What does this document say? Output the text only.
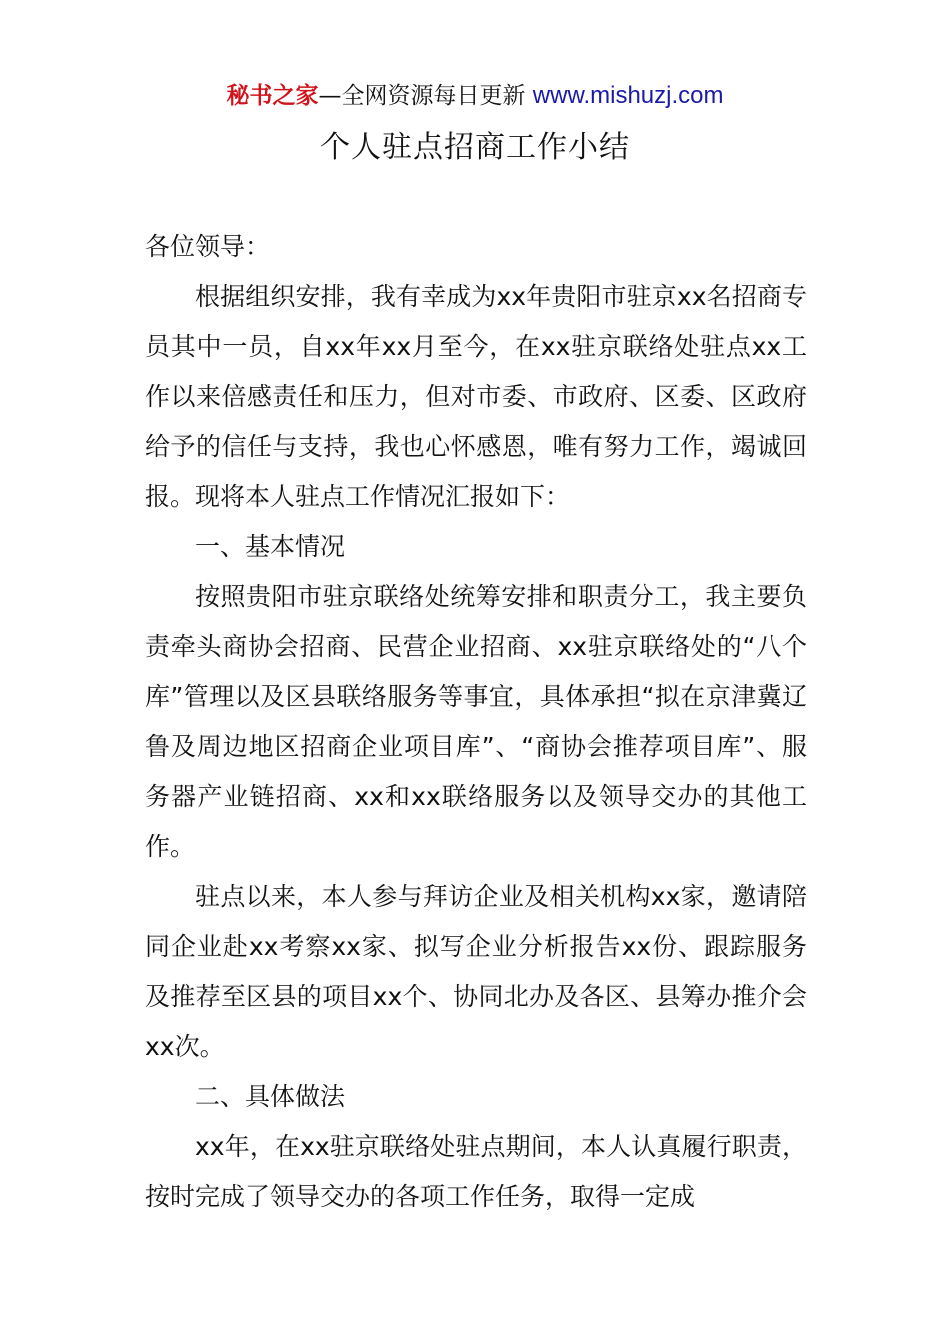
秘书之家—全网资源每日更新 www.mishuzj.com
个人驻点招商工作小结

各位领导：

根据组织安排，我有幸成为xx年贵阳市驻京xx名招商专员其中一员，自xx年xx月至今，在xx驻京联络处驻点xx工作以来倍感责任和压力，但对市委、市政府、区委、区政府给予的信任与支持，我也心怀感恩，唯有努力工作，竭诚回报。现将本人驻点工作情况汇报如下：

一、基本情况

按照贵阳市驻京联络处统筹安排和职责分工，我主要负责牵头商协会招商、民营企业招商、xx驻京联络处的“八个库”管理以及区县联络服务等事宜，具体承担“拟在京津冀辽鲁及周边地区招商企业项目库”、“商协会推荐项目库”、服务器产业链招商、xx和xx联络服务以及领导交办的其他工作。

驻点以来，本人参与拜访企业及相关机构xx家，邀请陪同企业赴xx考察xx家、拟写企业分析报告xx份、跟踪服务及推荐至区县的项目xx个、协同北办及各区、县筹办推介会xx次。

二、具体做法

xx年，在xx驻京联络处驻点期间，本人认真履行职责，按时完成了领导交办的各项工作任务，取得一定成
